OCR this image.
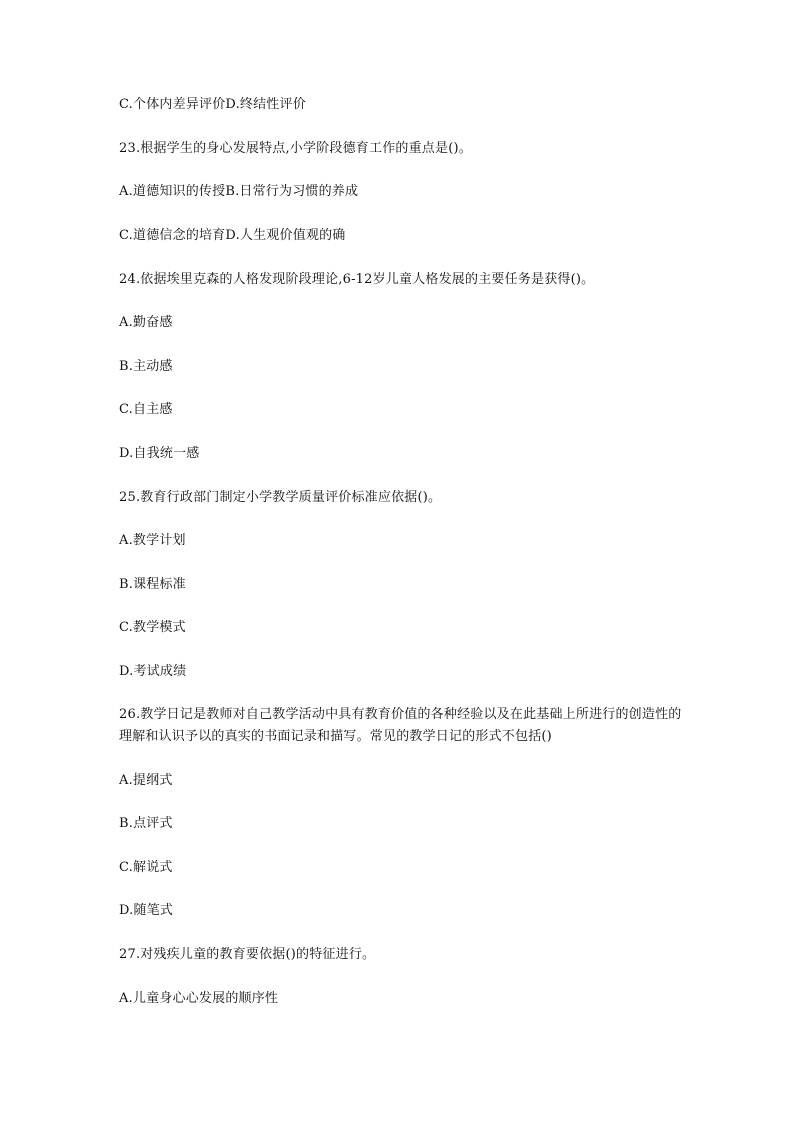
C.个体内差异评价D.终结性评价
23.根据学生的身心发展特点,小学阶段德育工作的重点是()。
A.道德知识的传授B.日常行为习惯的养成
C.道德信念的培育D.人生观价值观的确
24.依据埃里克森的人格发现阶段理论,6-12岁儿童人格发展的主要任务是获得()。
A.勤奋感
B.主动感
C.自主感
D.自我统一感
25.教育行政部门制定小学教学质量评价标准应依据()。
A.教学计划
B.课程标准
C.教学模式
D.考试成绩
26.教学日记是教师对自己教学活动中具有教育价值的各种经验以及在此基础上所进行的创造性的理解和认识予以的真实的书面记录和描写。常见的教学日记的形式不包括()
A.提纲式
B.点评式
C.解说式
D.随笔式
27.对残疾儿童的教育要依据()的特征进行。
A.儿童身心心发展的顺序性
